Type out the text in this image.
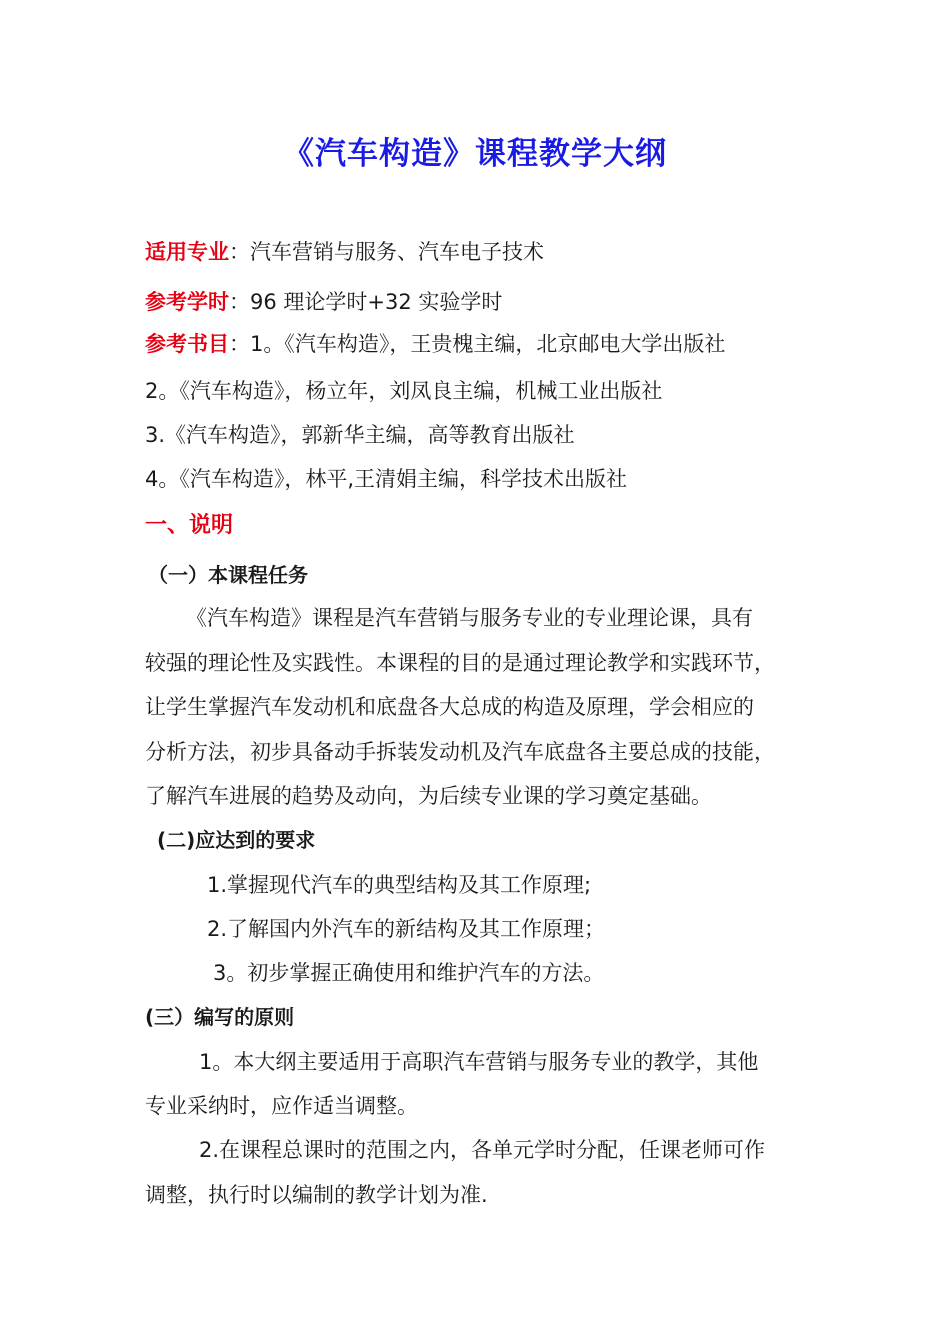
《汽车构造》课程教学大纲
适用专业：汽车营销与服务、汽车电子技术
参考学时：96 理论学时+32 实验学时
参考书目：1。《汽车构造》，王贵槐主编，北京邮电大学出版社
2。《汽车构造》，杨立年，刘凤良主编，机械工业出版社
3.《汽车构造》，郭新华主编，高等教育出版社
4。《汽车构造》，林平,王清娟主编，科学技术出版社
一、说明
（一）本课程任务
《汽车构造》课程是汽车营销与服务专业的专业理论课，具有
较强的理论性及实践性。本课程的目的是通过理论教学和实践环节，
让学生掌握汽车发动机和底盘各大总成的构造及原理，学会相应的
分析方法，初步具备动手拆装发动机及汽车底盘各主要总成的技能，
了解汽车进展的趋势及动向，为后续专业课的学习奠定基础。
(二)应达到的要求
1.掌握现代汽车的典型结构及其工作原理;
2.了解国内外汽车的新结构及其工作原理；
3。初步掌握正确使用和维护汽车的方法。
(三）编写的原则
1。本大纲主要适用于高职汽车营销与服务专业的教学，其他
专业采纳时，应作适当调整。
2.在课程总课时的范围之内，各单元学时分配，任课老师可作
调整，执行时以编制的教学计划为准.
